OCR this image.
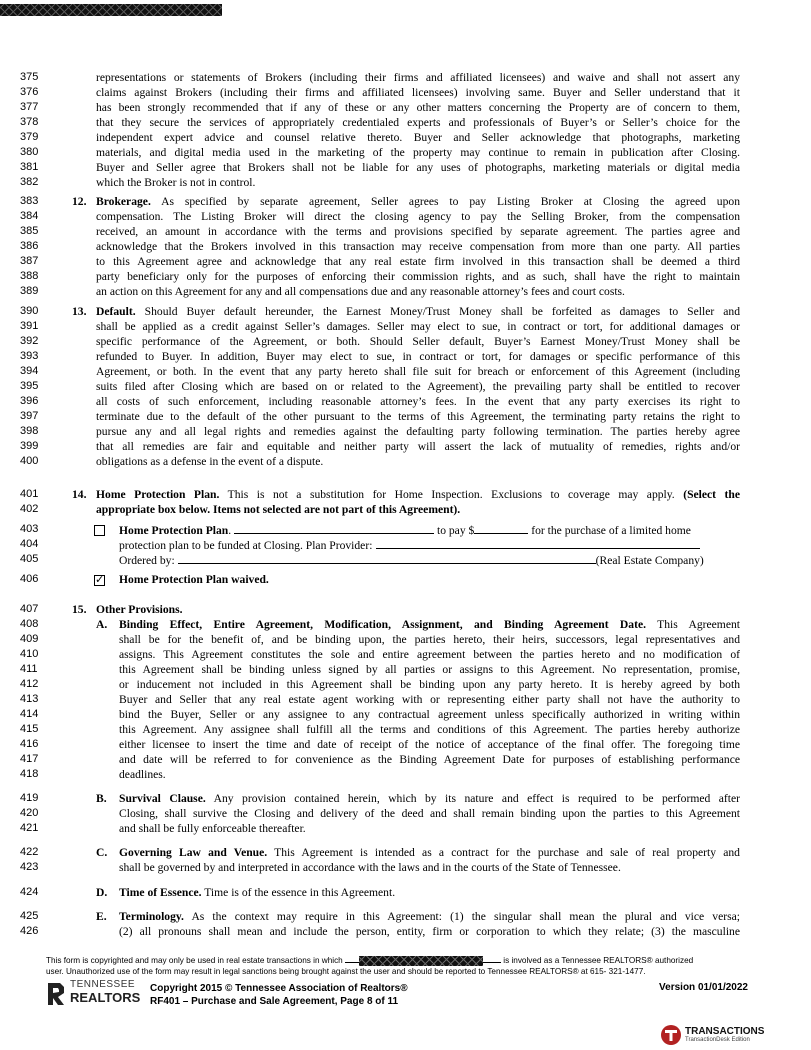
375	representations or statements of Brokers (including their firms and affiliated licensees) and waive and shall not assert any
376	claims against Brokers (including their firms and affiliated licensees) involving same. Buyer and Seller understand that it
377	has been strongly recommended that if any of these or any other matters concerning the Property are of concern to them,
378	that they secure the services of appropriately credentialed experts and professionals of Buyer’s or Seller’s choice for the
379	independent expert advice and counsel relative thereto. Buyer and Seller acknowledge that photographs, marketing
380	materials, and digital media used in the marketing of the property may continue to remain in publication after Closing.
381	Buyer and Seller agree that Brokers shall not be liable for any uses of photographs, marketing materials or digital media
382	which the Broker is not in control.
383	12. Brokerage. As specified by separate agreement, Seller agrees to pay Listing Broker at Closing the agreed upon
384	compensation. The Listing Broker will direct the closing agency to pay the Selling Broker, from the compensation
385	received, an amount in accordance with the terms and provisions specified by separate agreement. The parties agree and
386	acknowledge that the Brokers involved in this transaction may receive compensation from more than one party. All parties
387	to this Agreement agree and acknowledge that any real estate firm involved in this transaction shall be deemed a third
388	party beneficiary only for the purposes of enforcing their commission rights, and as such, shall have the right to maintain
389	an action on this Agreement for any and all compensations due and any reasonable attorney’s fees and court costs.
390	13. Default. Should Buyer default hereunder, the Earnest Money/Trust Money shall be forfeited as damages to Seller and
391	shall be applied as a credit against Seller’s damages. Seller may elect to sue, in contract or tort, for additional damages or
392	specific performance of the Agreement, or both. Should Seller default, Buyer’s Earnest Money/Trust Money shall be
393	refunded to Buyer. In addition, Buyer may elect to sue, in contract or tort, for damages or specific performance of this
394	Agreement, or both. In the event that any party hereto shall file suit for breach or enforcement of this Agreement (including
395	suits filed after Closing which are based on or related to the Agreement), the prevailing party shall be entitled to recover
396	all costs of such enforcement, including reasonable attorney’s fees. In the event that any party exercises its right to
397	terminate due to the default of the other pursuant to the terms of this Agreement, the terminating party retains the right to
398	pursue any and all legal rights and remedies against the defaulting party following termination. The parties hereby agree
399	that all remedies are fair and equitable and neither party will assert the lack of mutuality of remedies, rights and/or
400	obligations as a defense in the event of a dispute.
401	14. Home Protection Plan. This is not a substitution for Home Inspection. Exclusions to coverage may apply. (Select the
402	appropriate box below. Items not selected are not part of this Agreement).
403	Home Protection Plan.	to pay $	for the purchase of a limited home
404	protection plan to be funded at Closing. Plan Provider:
405	Ordered by:	(Real Estate Company)
406
✓	Home Protection Plan waived.
407	15. Other Provisions.
408	A. Binding Effect, Entire Agreement, Modification, Assignment, and Binding Agreement Date. This Agreement
409	shall be for the benefit of, and be binding upon, the parties hereto, their heirs, successors, legal representatives and
410	assigns. This Agreement constitutes the sole and entire agreement between the parties hereto and no modification of
411	this Agreement shall be binding unless signed by all parties or assigns to this Agreement. No representation, promise,
412	or inducement not included in this Agreement shall be binding upon any party hereto. It is hereby agreed by both
413	Buyer and Seller that any real estate agent working with or representing either party shall not have the authority to
414	bind the Buyer, Seller or any assignee to any contractual agreement unless specifically authorized in writing within
415	this Agreement. Any assignee shall fulfill all the terms and conditions of this Agreement. The parties hereby authorize
416	either licensee to insert the time and date of receipt of the notice of acceptance of the final offer. The foregoing time
417	and date will be referred to for convenience as the Binding Agreement Date for purposes of establishing performance
418	deadlines.
419	B. Survival Clause. Any provision contained herein, which by its nature and effect is required to be performed after
420	Closing, shall survive the Closing and delivery of the deed and shall remain binding upon the parties to this Agreement
421	and shall be fully enforceable thereafter.
422	C. Governing Law and Venue. This Agreement is intended as a contract for the purchase and sale of real property and
423	shall be governed by and interpreted in accordance with the laws and in the courts of the State of Tennessee.
424	D. Time of Essence. Time is of the essence in this Agreement.
425	E. Terminology. As the context may require in this Agreement: (1) the singular shall mean the plural and vice versa;
426	(2) all pronouns shall mean and include the person, entity, firm or corporation to which they relate; (3) the masculine
This form is copyrighted and may only be used in real estate transactions in which	is involved as a Tennessee REALTORS® authorized
user. Unauthorized use of the form may result in legal sanctions being brought against the user and should be reported to Tennessee REALTORS® at 615- 321-1477.
TENNESSEE
REALTORS
Copyright 2015 © Tennessee Association of Realtors®
RF401 – Purchase and Sale Agreement, Page 8 of 11
Version 01/01/2022
TRANSACTIONS
TransactionDesk Edition
